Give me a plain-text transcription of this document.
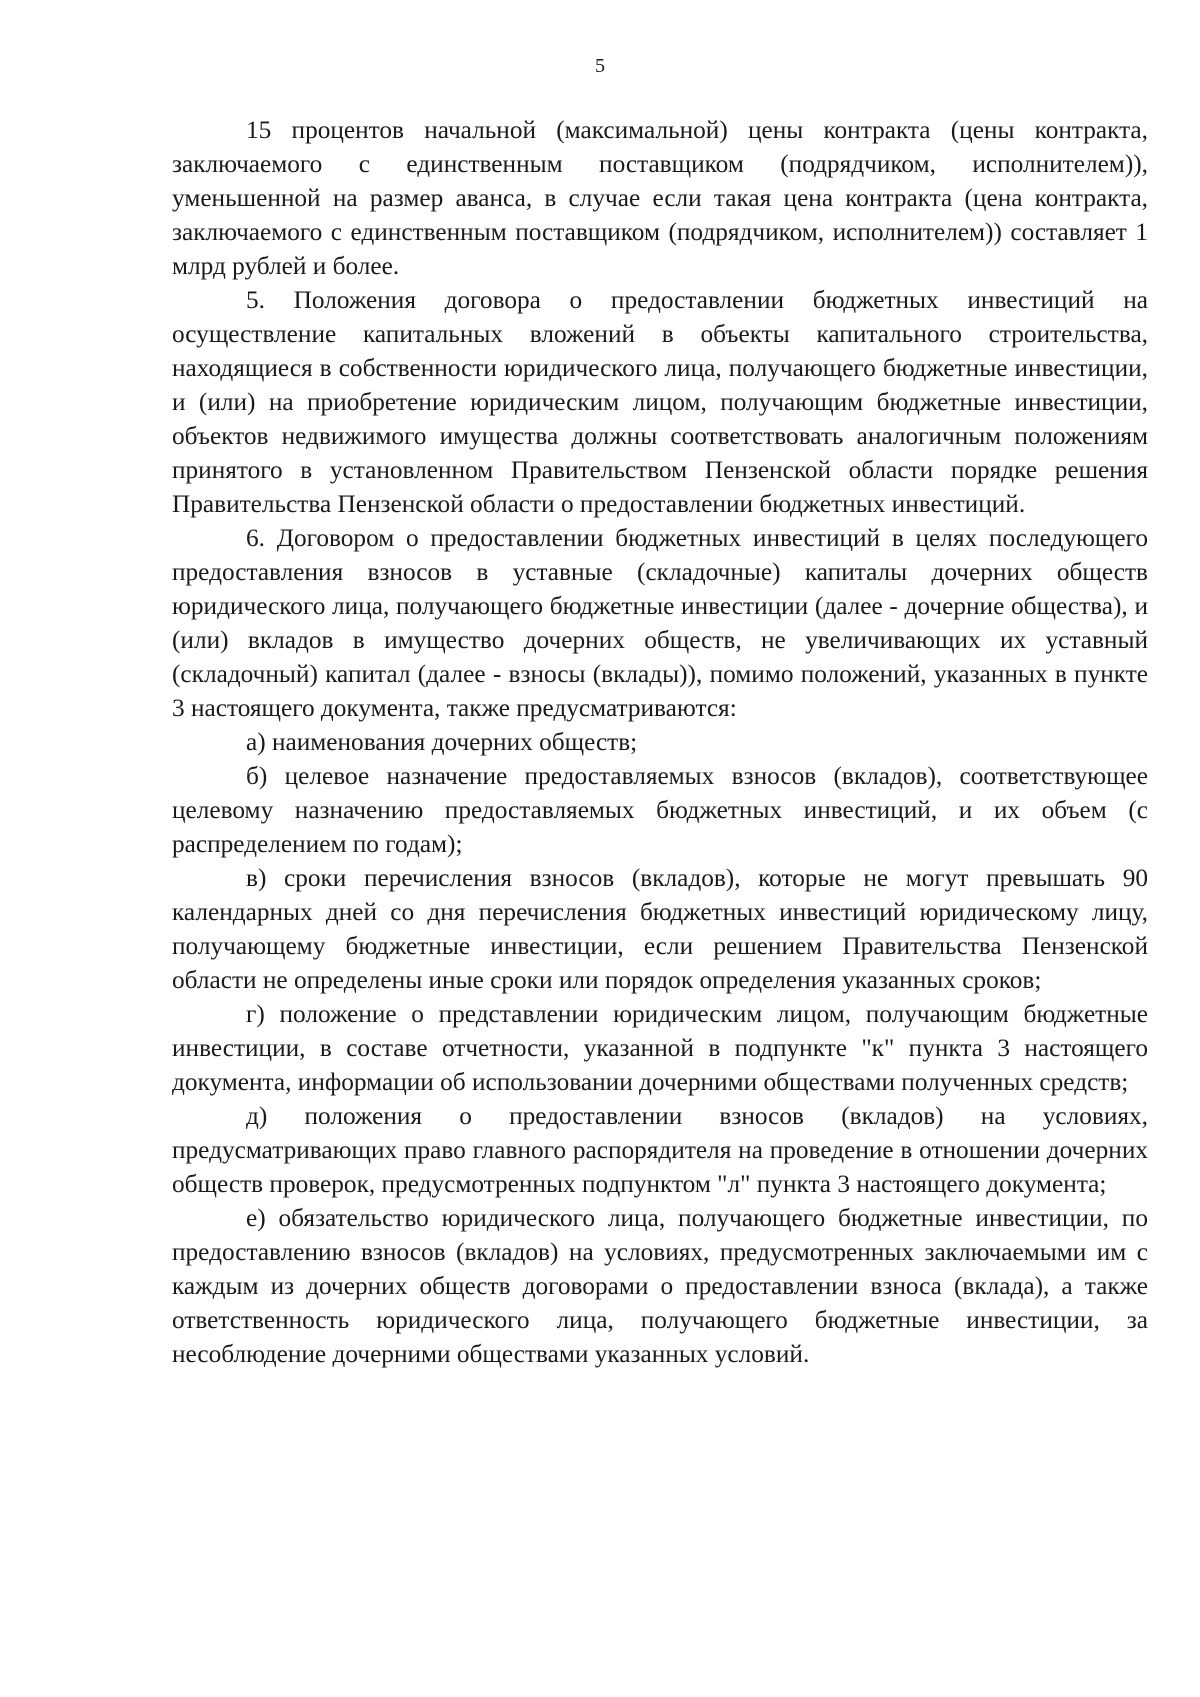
5

15 процентов начальной (максимальной) цены контракта (цены контракта, заключаемого с единственным поставщиком (подрядчиком, исполнителем)), уменьшенной на размер аванса, в случае если такая цена контракта (цена контракта, заключаемого с единственным поставщиком (подрядчиком, исполнителем)) составляет 1 млрд рублей и более.

5. Положения договора о предоставлении бюджетных инвестиций на осуществление капитальных вложений в объекты капитального строительства, находящиеся в собственности юридического лица, получающего бюджетные инвестиции, и (или) на приобретение юридическим лицом, получающим бюджетные инвестиции, объектов недвижимого имущества должны соответствовать аналогичным положениям принятого в установленном Правительством Пензенской области порядке решения Правительства Пензенской области о предоставлении бюджетных инвестиций.

6. Договором о предоставлении бюджетных инвестиций в целях последующего предоставления взносов в уставные (складочные) капиталы дочерних обществ юридического лица, получающего бюджетные инвестиции (далее - дочерние общества), и (или) вкладов в имущество дочерних обществ, не увеличивающих их уставный (складочный) капитал (далее - взносы (вклады)), помимо положений, указанных в пункте 3 настоящего документа, также предусматриваются:

а) наименования дочерних обществ;

б) целевое назначение предоставляемых взносов (вкладов), соответствующее целевому назначению предоставляемых бюджетных инвестиций, и их объем (с распределением по годам);

в) сроки перечисления взносов (вкладов), которые не могут превышать 90 календарных дней со дня перечисления бюджетных инвестиций юридическому лицу, получающему бюджетные инвестиции, если решением Правительства Пензенской области не определены иные сроки или порядок определения указанных сроков;

г) положение о представлении юридическим лицом, получающим бюджетные инвестиции, в составе отчетности, указанной в подпункте "к" пункта 3 настоящего документа, информации об использовании дочерними обществами полученных средств;

д) положения о предоставлении взносов (вкладов) на условиях, предусматривающих право главного распорядителя на проведение в отношении дочерних обществ проверок, предусмотренных подпунктом "л" пункта 3 настоящего документа;

е) обязательство юридического лица, получающего бюджетные инвестиции, по предоставлению взносов (вкладов) на условиях, предусмотренных заключаемыми им с каждым из дочерних обществ договорами о предоставлении взноса (вклада), а также ответственность юридического лица, получающего бюджетные инвестиции, за несоблюдение дочерними обществами указанных условий.
